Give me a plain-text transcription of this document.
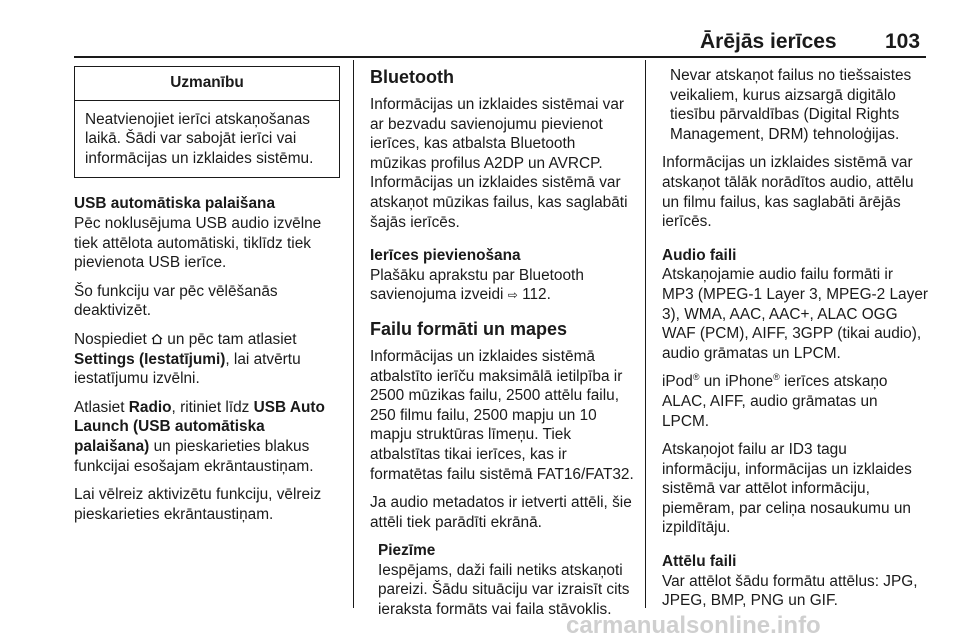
Ārējās ierīces 103
Uzmanību
Neatvienojiet ierīci atskaņošanas laikā. Šādi var sabojāt ierīci vai informācijas un izklaides sistēmu.
USB automātiska palaišana

Pēc noklusējuma USB audio izvēlne tiek attēlota automātiski, tiklīdz tiek pievienota USB ierīce.

Šo funkciju var pēc vēlēšanās deaktivizēt.

Nospiediet un pēc tam atlasiet Settings (Iestatījumi), lai atvērtu iestatījumu izvēlni.

Atlasiet Radio, ritiniet līdz USB Auto Launch (USB automātiska palaišana) un pieskarieties blakus funkcijai esošajam ekrāntaustiņam.

Lai vēlreiz aktivizētu funkciju, vēlreiz pieskarieties ekrāntaustiņam.

Bluetooth

Informācijas un izklaides sistēmai var ar bezvadu savienojumu pievienot ierīces, kas atbalsta Bluetooth mūzikas profilus A2DP un AVRCP. Informācijas un izklaides sistēmā var atskaņot mūzikas failus, kas saglabāti šajās ierīcēs.

Ierīces pievienošana

Plašāku aprakstu par Bluetooth savienojuma izveidi ⇨ 112.

Failu formāti un mapes

Informācijas un izklaides sistēmā atbalstīto ierīču maksimālā ietilpība ir 2500 mūzikas failu, 2500 attēlu failu, 250 filmu failu, 2500 mapju un 10 mapju struktūras līmeņu. Tiek atbalstītas tikai ierīces, kas ir formatētas failu sistēmā FAT16/FAT32.

Ja audio metadatos ir ietverti attēli, šie attēli tiek parādīti ekrānā.

Piezīme
Iespējams, daži faili netiks atskaņoti pareizi. Šādu situāciju var izraisīt cits ieraksta formāts vai faila stāvoklis.

Nevar atskaņot failus no tiešsaistes veikaliem, kurus aizsargā digitālo tiesību pārvaldības (Digital Rights Management, DRM) tehnoloģijas.

Informācijas un izklaides sistēmā var atskaņot tālāk norādītos audio, attēlu un filmu failus, kas saglabāti ārējās ierīcēs.

Audio faili

Atskaņojamie audio failu formāti ir MP3 (MPEG-1 Layer 3, MPEG-2 Layer 3), WMA, AAC, AAC+, ALAC OGG WAF (PCM), AIFF, 3GPP (tikai audio), audio grāmatas un LPCM.

iPod® un iPhone® ierīces atskaņo ALAC, AIFF, audio grāmatas un LPCM.

Atskaņojot failu ar ID3 tagu informāciju, informācijas un izklaides sistēmā var attēlot informāciju, piemēram, par celiņa nosaukumu un izpildītāju.

Attēlu faili

Var attēlot šādu formātu attēlus: JPG, JPEG, BMP, PNG un GIF.

carmanualsonline.info
